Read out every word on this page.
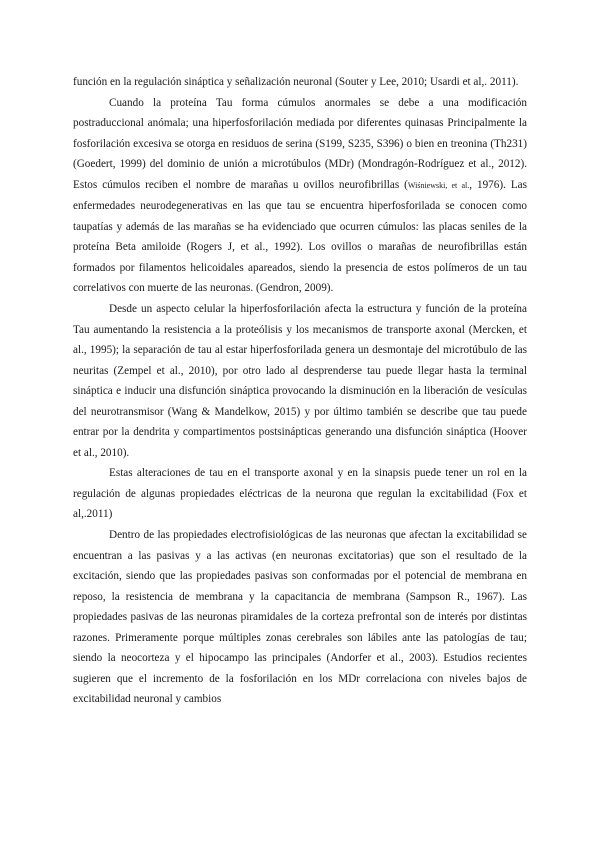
función en la regulación sináptica y señalización neuronal (Souter y Lee, 2010; Usardi et al,. 2011).

Cuando la proteína Tau forma cúmulos anormales se debe a una modificación postraduccional anómala; una hiperfosforilación mediada por diferentes quinasas Principalmente la fosforilación excesiva se otorga en residuos de serina (S199, S235, S396) o bien en treonina (Th231) (Goedert, 1999) del dominio de unión a microtúbulos (MDr) (Mondragón-Rodríguez et al., 2012). Estos cúmulos reciben el nombre de marañas u ovillos neurofibrillas (Wiśniewski, et al., 1976). Las enfermedades neurodegenerativas en las que tau se encuentra hiperfosforilada se conocen como taupatías y además de las marañas se ha evidenciado que ocurren cúmulos: las placas seniles de la proteína Beta amiloide (Rogers J, et al., 1992). Los ovillos o marañas de neurofibrillas están formados por filamentos helicoidales apareados, siendo la presencia de estos polímeros de un tau correlativos con muerte de las neuronas. (Gendron, 2009).

Desde un aspecto celular la hiperfosforilación afecta la estructura y función de la proteína Tau aumentando la resistencia a la proteólisis y los mecanismos de transporte axonal (Mercken, et al., 1995); la separación de tau al estar hiperfosforilada genera un desmontaje del microtúbulo de las neuritas (Zempel et al., 2010), por otro lado al desprenderse tau puede llegar hasta la terminal sináptica e inducir una disfunción sináptica provocando la disminución en la liberación de vesículas del neurotransmisor (Wang & Mandelkow, 2015) y por último también se describe que tau puede entrar por la dendrita y compartimentos postsinápticas generando una disfunción sináptica (Hoover et al., 2010).

Estas alteraciones de tau en el transporte axonal y en la sinapsis puede tener un rol en la regulación de algunas propiedades eléctricas de la neurona que regulan la excitabilidad (Fox et al,.2011)

Dentro de las propiedades electrofisiológicas de las neuronas que afectan la excitabilidad se encuentran a las pasivas y a las activas (en neuronas excitatorias) que son el resultado de la excitación, siendo que las propiedades pasivas son conformadas por el potencial de membrana en reposo, la resistencia de membrana y la capacitancia de membrana (Sampson R., 1967). Las propiedades pasivas de las neuronas piramidales de la corteza prefrontal son de interés por distintas razones. Primeramente porque múltiples zonas cerebrales son lábiles ante las patologías de tau; siendo la neocorteza y el hipocampo las principales (Andorfer et al., 2003). Estudios recientes sugieren que el incremento de la fosforilación en los MDr correlaciona con niveles bajos de excitabilidad neuronal y cambios
